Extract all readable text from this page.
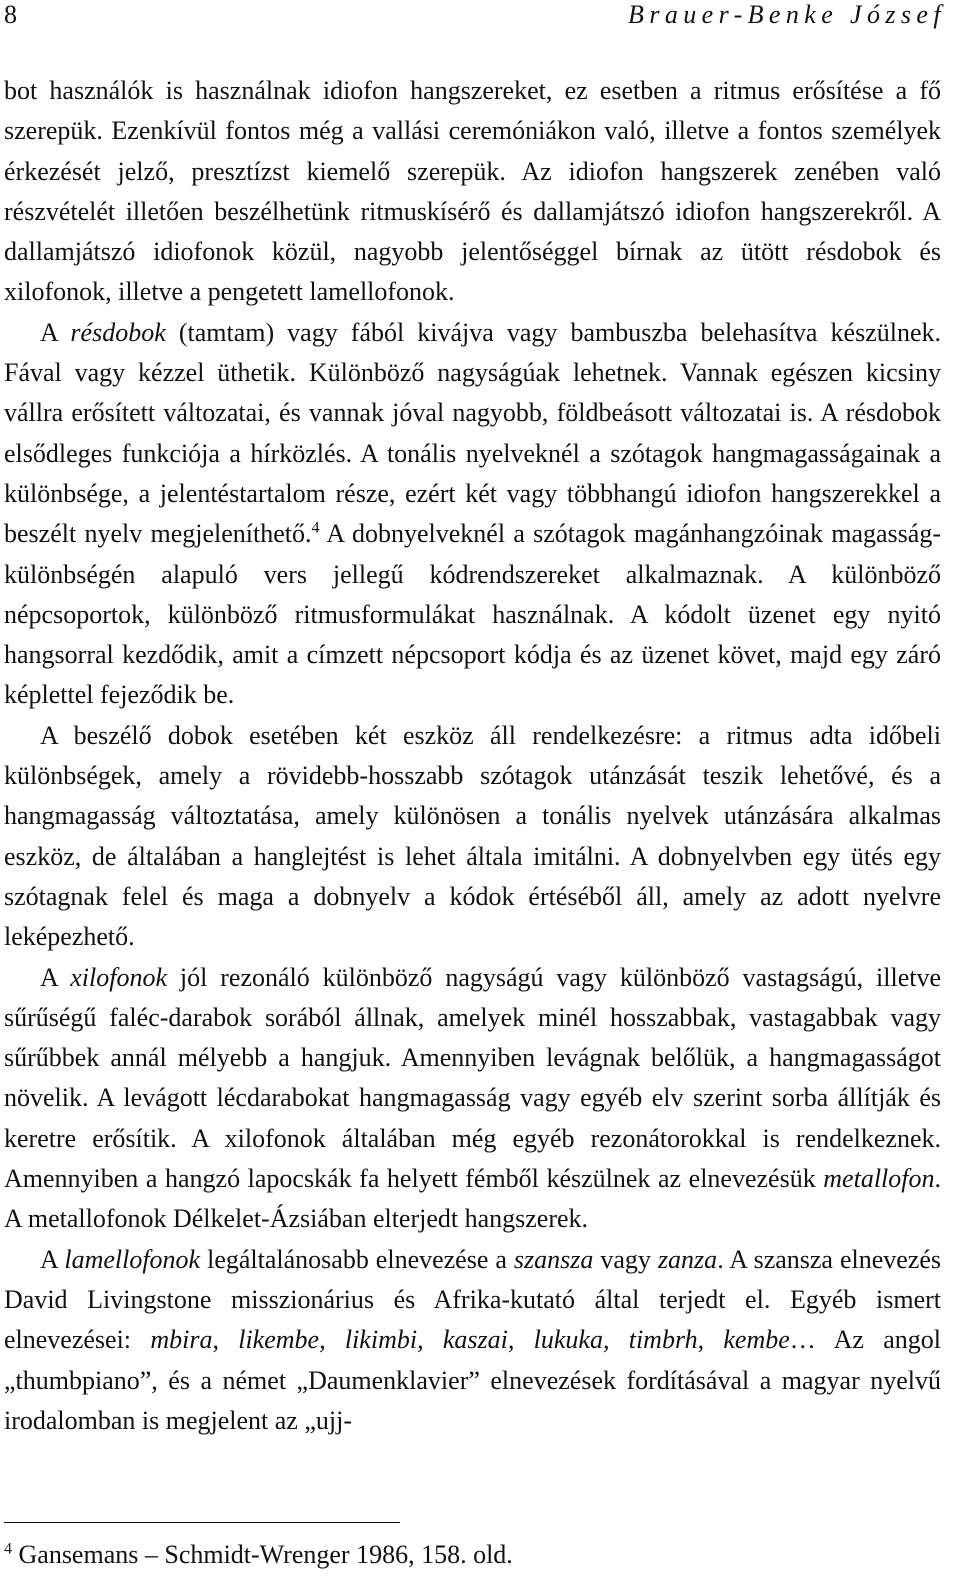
8	Brauer-Benke József

bot használók is használnak idiofon hangszereket, ez esetben a ritmus erősítése a fő szerepük. Ezenkívül fontos még a vallási ceremóniákon való, illetve a fontos személyek érkezését jelző, presztízst kiemelő szerepük. Az idiofon hangszerek zenében való részvételét illetően beszélhetünk ritmuskísérő és dallamjátszó idiofon hangszerekről. A dallamjátszó idiofonok közül, nagyobb jelentőséggel bírnak az ütött résdobok és xilofonok, illetve a pengetett lamellofonok.

A résdobok (tamtam) vagy fából kivájva vagy bambuszba belehasítva készülnek. Fával vagy kézzel üthetik. Különböző nagyságúak lehetnek. Vannak egészen kicsiny vállra erősített változatai, és vannak jóval nagyobb, földbeásott változatai is. A résdobok elsődleges funkciója a hírközlés. A tonális nyelveknél a szótagok hangmagasságainak a különbsége, a jelentéstartalom része, ezért két vagy többhangú idiofon hangszerekkel a beszélt nyelv megjeleníthető.$^4$ A dobnyelveknél a szótagok magánhangzóinak magasságkülönbségén alapuló vers jellegű kódrendszereket alkalmaznak. A különböző népcsoportok, különböző ritmusformulákat használnak. A kódolt üzenet egy nyitó hangsorral kezdődik, amit a címzett népcsoport kódja és az üzenet követ, majd egy záró képlettel fejeződik be.

A beszélő dobok esetében két eszköz áll rendelkezésre: a ritmus adta időbeli különbségek, amely a rövidebb-hosszabb szótagok utánzását teszik lehetővé, és a hangmagasság változtatása, amely különösen a tonális nyelvek utánzására alkalmas eszköz, de általában a hanglejtést is lehet általa imitálni. A dobnyelvben egy ütés egy szótagnak felel és maga a dobnyelv a kódok értéséből áll, amely az adott nyelvre leképezhető.

A xilofonok jól rezonáló különböző nagyságú vagy különböző vastagságú, illetve sűrűségű faléc-darabok sorából állnak, amelyek minél hosszabbak, vastagabbak vagy sűrűbbek annál mélyebb a hangjuk. Amennyiben levágnak belőlük, a hangmagasságot növelik. A levágott lécdarabokat hangmagasság vagy egyéb elv szerint sorba állítják és keretre erősítik. A xilofonok általában még egyéb rezonátorokkal is rendelkeznek. Amennyiben a hangzó lapocskák fa helyett fémből készülnek az elnevezésük metallofon. A metallofonok Délkelet-Ázsiában elterjedt hangszerek.

A lamellofonok legáltalánosabb elnevezése a szansza vagy zanza. A szansza elnevezés David Livingstone misszionárius és Afrika-kutató által terjedt el. Egyéb ismert elnevezései: mbira, likembe, likimbi, kaszai, lukuka, timbrh, kembe… Az angol „thumbpiano”, és a német „Daumenklavier” elnevezések fordításával a magyar nyelvű irodalomban is megjelent az „ujj-

$^4$ Gansemans – Schmidt-Wrenger 1986, 158. old.
